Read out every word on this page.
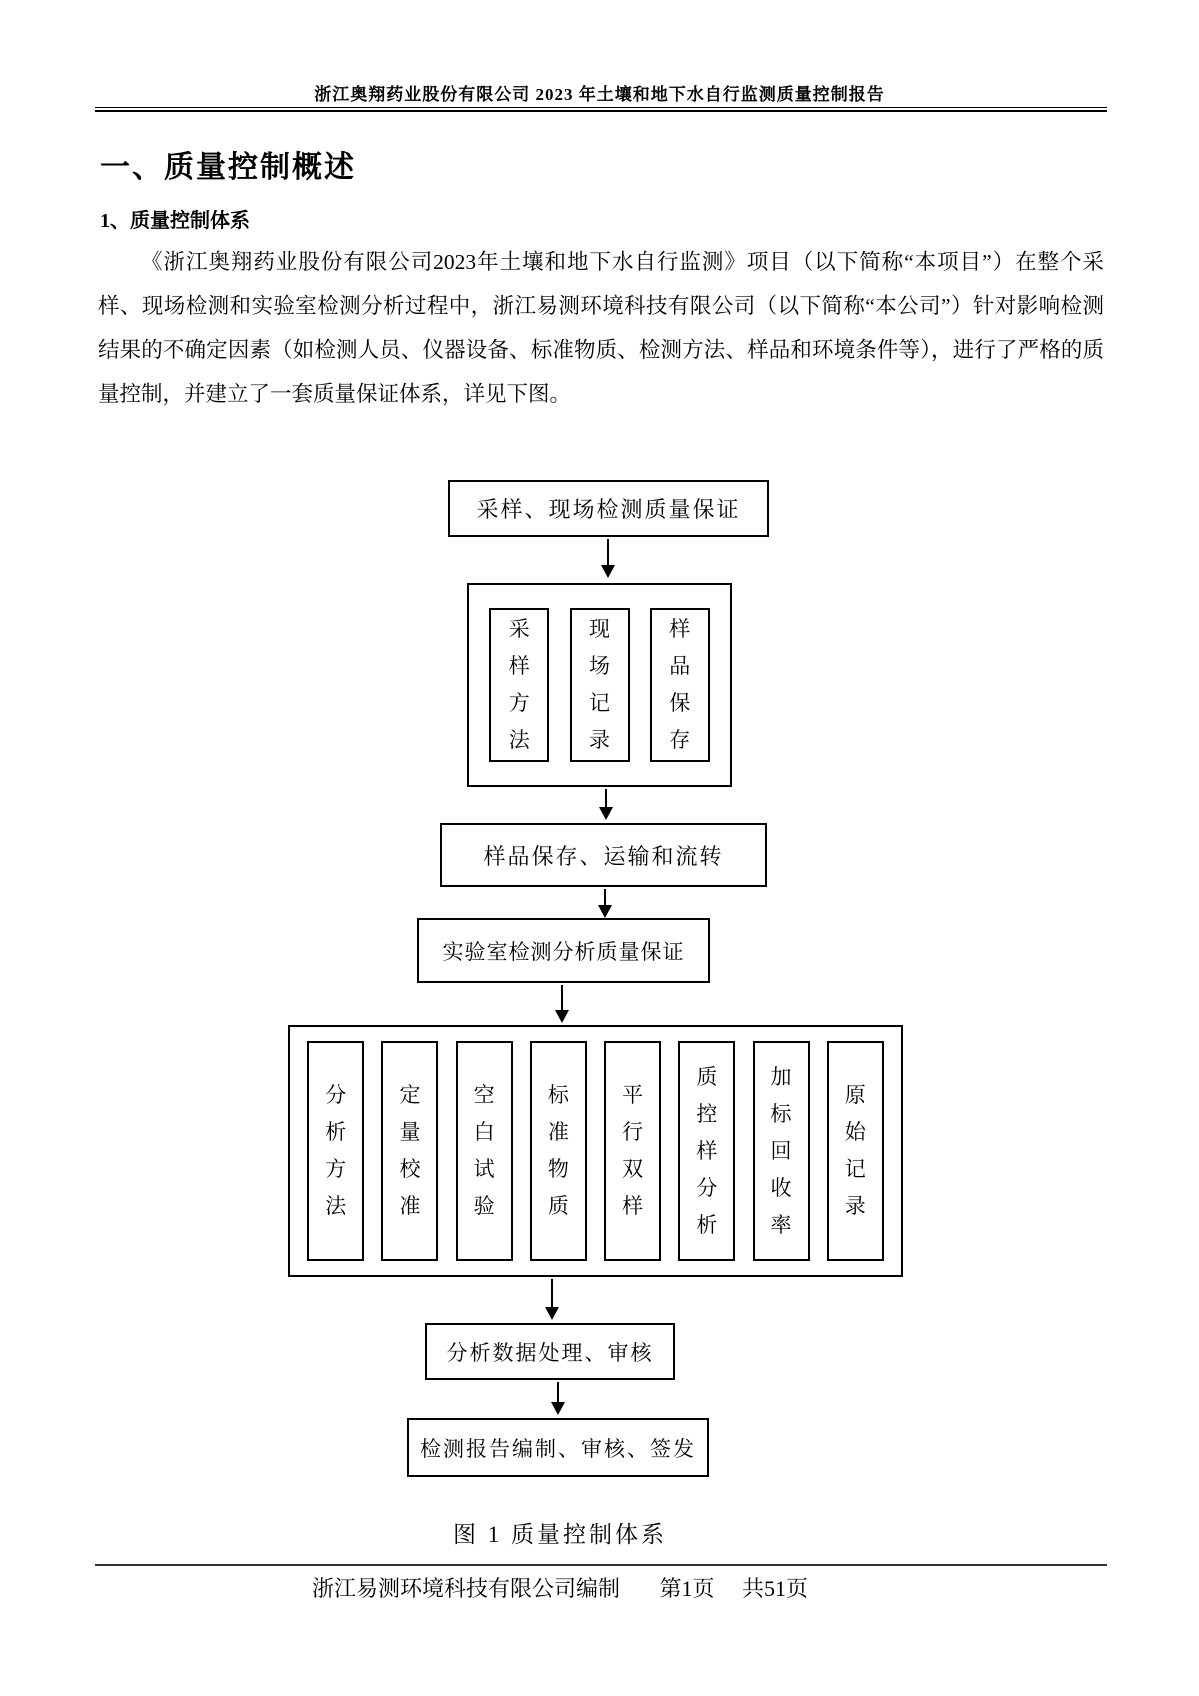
浙江奥翔药业股份有限公司 2023 年土壤和地下水自行监测质量控制报告
一、质量控制概述
1、质量控制体系
《浙江奥翔药业股份有限公司2023年土壤和地下水自行监测》项目（以下简称“本项目”）在整个采样、现场检测和实验室检测分析过程中，浙江易测环境科技有限公司（以下简称“本公司”）针对影响检测结果的不确定因素（如检测人员、仪器设备、标准物质、检测方法、样品和环境条件等），进行了严格的质量控制，并建立了一套质量保证体系，详见下图。
采样、现场检测质量保证
采样方法
现场记录
样品保存
样品保存、运输和流转
实验室检测分析质量保证
分析方法
定量校准
空白试验
标准物质
平行双样
质控样分析
加标回收率
原始记录
分析数据处理、审核
检测报告编制、审核、签发
图 1 质量控制体系
浙江易测环境科技有限公司编制 第1页 共51页
